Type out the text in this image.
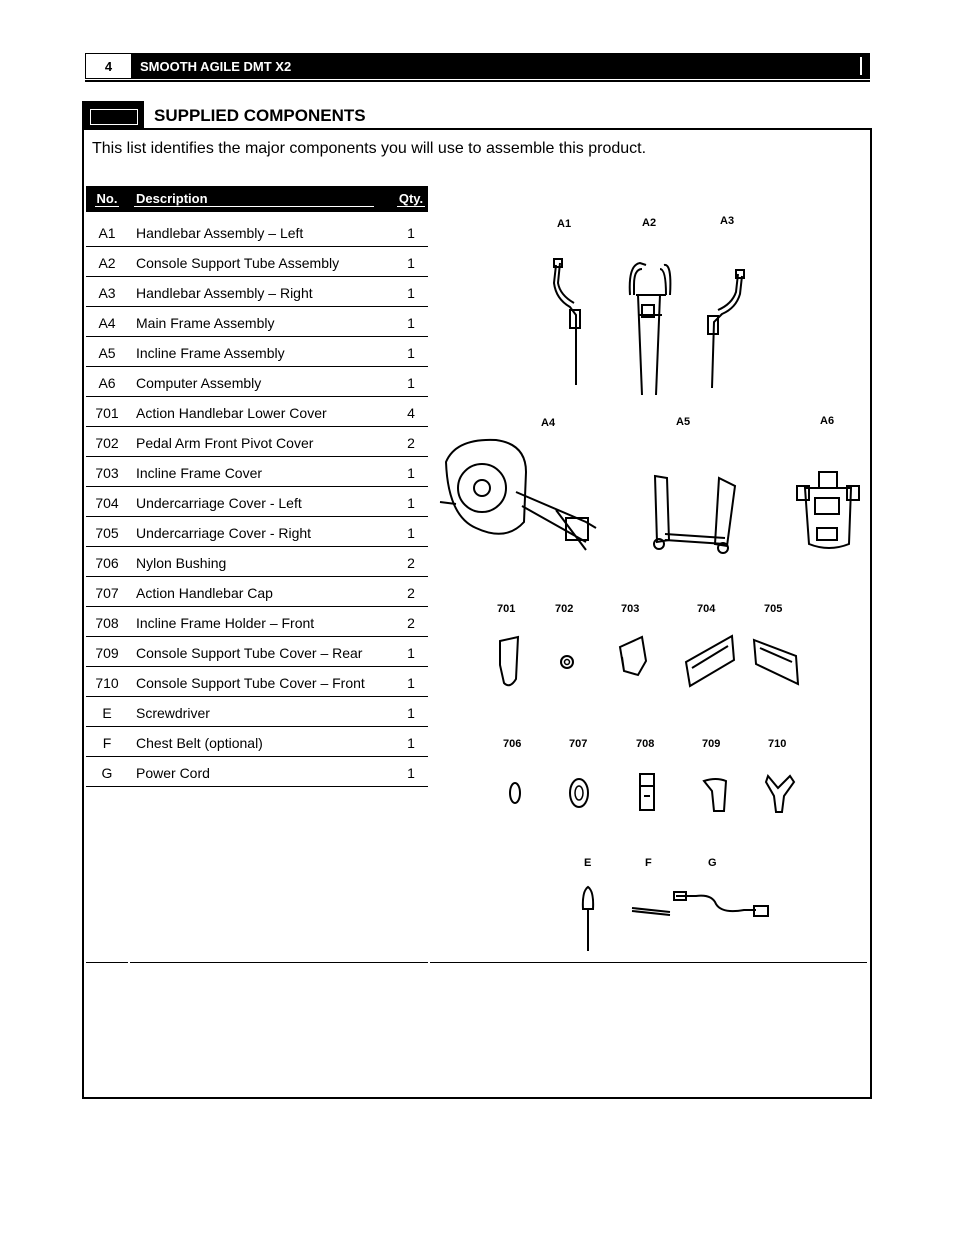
4	SMOOTH AGILE DMT X2
SUPPLIED COMPONENTS
This list identifies the major components you will use to assemble this product.
No.	Description	Qty.

A1	Handlebar Assembly – Left	1
A2	Console Support Tube Assembly	1
A3	Handlebar Assembly – Right	1
A4	Main Frame Assembly	1
A5	Incline Frame Assembly	1
A6	Computer Assembly	1
701	Action Handlebar Lower Cover	4
702	Pedal Arm Front Pivot Cover	2
703	Incline Frame Cover	1
704	Undercarriage Cover - Left	1
705	Undercarriage Cover - Right	1
706	Nylon Bushing	2
707	Action Handlebar Cap	2
708	Incline Frame Holder – Front	2
709	Console Support Tube Cover – Rear	1
710	Console Support Tube Cover – Front	1
E	Screwdriver	1
F	Chest Belt (optional)	1
G	Power Cord	1
A1	A2	A3
A4	A5	A6
701	702	703	704	705
706	707	708	709	710
E	F	G
